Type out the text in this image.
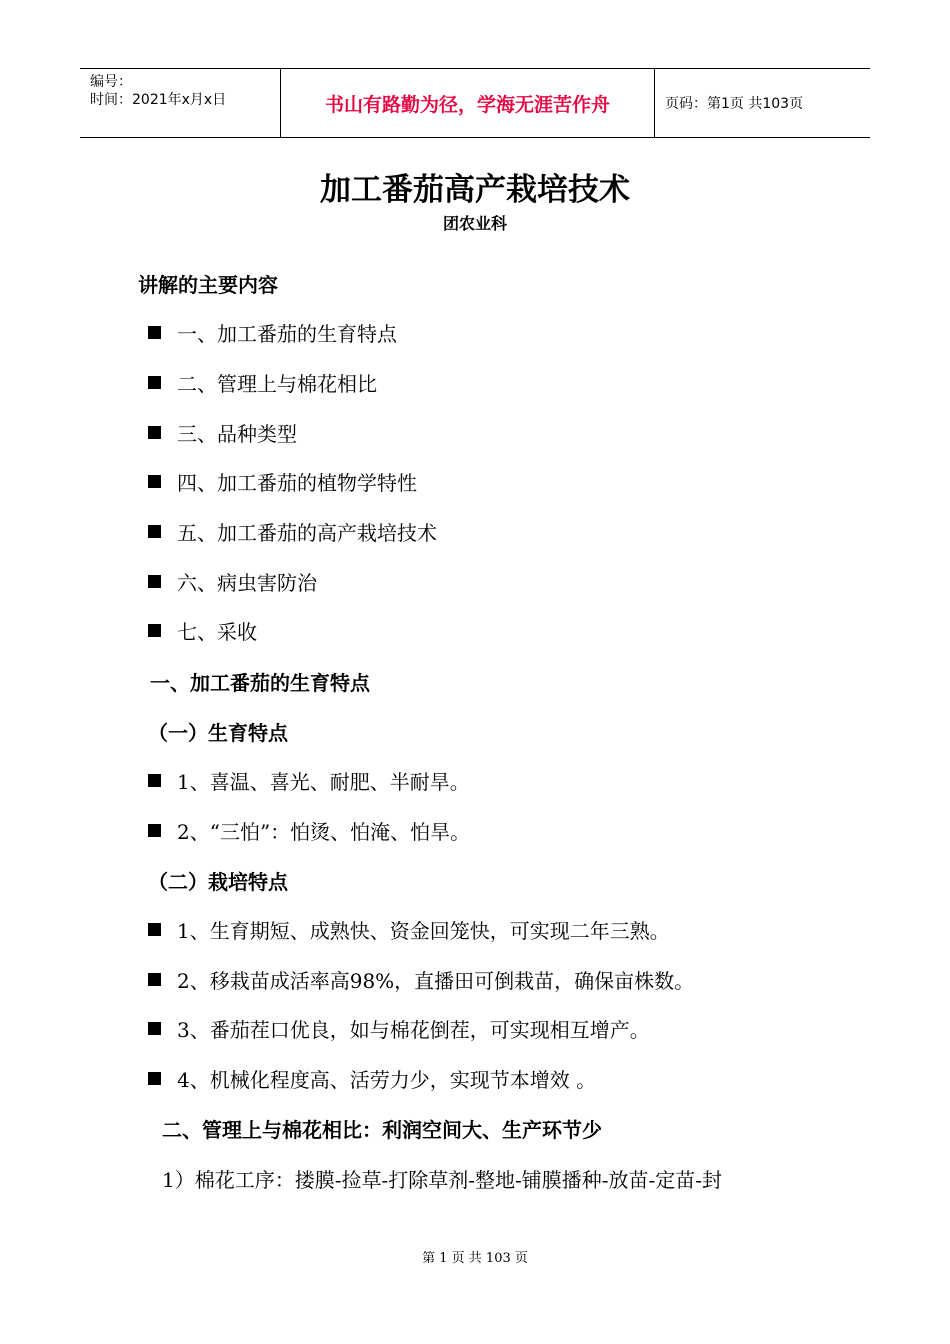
编号：
时间：2021年x月x日	书山有路勤为径，学海无涯苦作舟	页码：第1页 共103页
加工番茄高产栽培技术
团农业科
讲解的主要内容
一、加工番茄的生育特点
二、管理上与棉花相比
三、品种类型
四、加工番茄的植物学特性
五、加工番茄的高产栽培技术
六、病虫害防治
七、采收
一、加工番茄的生育特点
（一）生育特点
1、喜温、喜光、耐肥、半耐旱。
2、“三怕”：怕烫、怕淹、怕旱。
（二）栽培特点
1、生育期短、成熟快、资金回笼快，可实现二年三熟。
2、移栽苗成活率高98%，直播田可倒栽苗，确保亩株数。
3、番茄茬口优良，如与棉花倒茬，可实现相互增产。
4、机械化程度高、活劳力少，实现节本增效 。
二、管理上与棉花相比：利润空间大、生产环节少
1）棉花工序：搂膜-捡草-打除草剂-整地-铺膜播种-放苗-定苗-封
第 1 页 共 103 页
